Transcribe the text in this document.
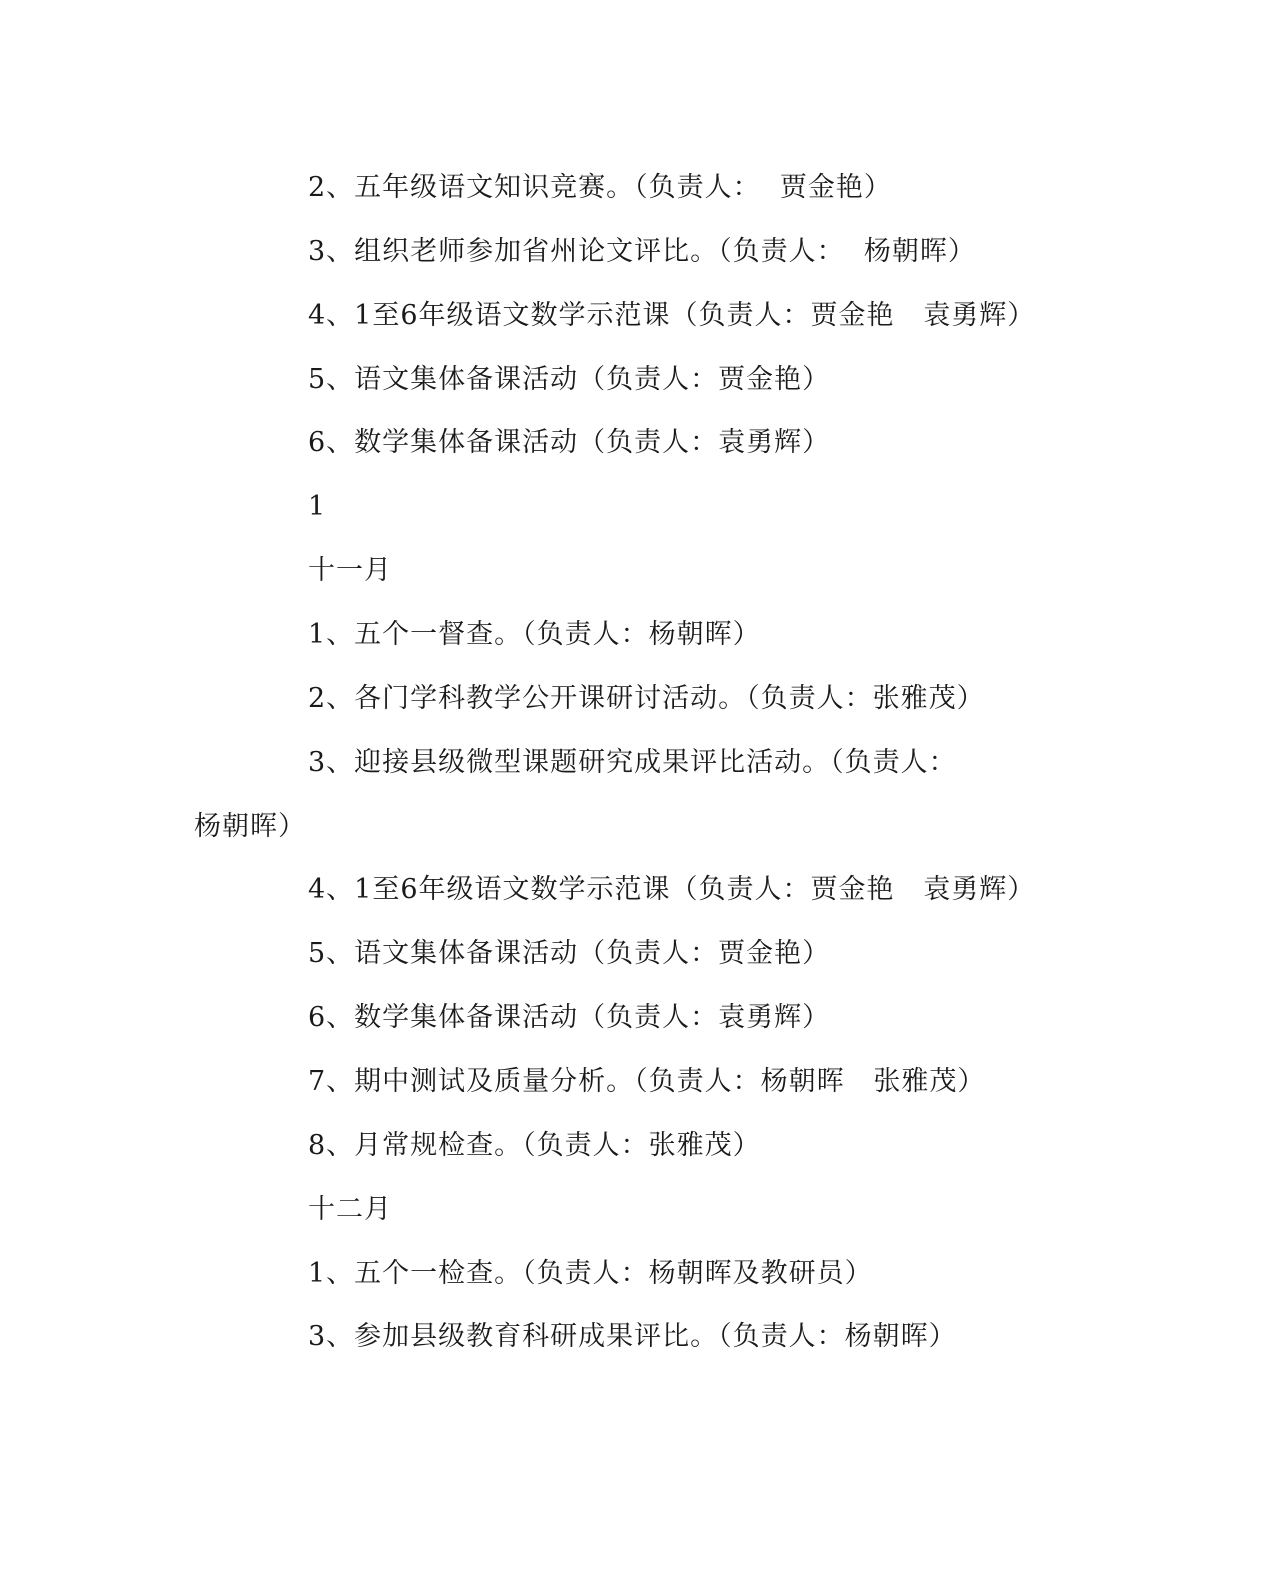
2、五年级语文知识竞赛。（负责人：  贾金艳）
3、组织老师参加省州论文评比。（负责人：  杨朝晖）
4、1至6年级语文数学示范课（负责人：贾金艳   袁勇辉）
5、语文集体备课活动（负责人：贾金艳）
6、数学集体备课活动（负责人：袁勇辉）
1
十一月
1、五个一督查。（负责人：杨朝晖）
2、各门学科教学公开课研讨活动。（负责人：张雅茂）
3、迎接县级微型课题研究成果评比活动。（负责人：
杨朝晖）
4、1至6年级语文数学示范课（负责人：贾金艳   袁勇辉）
5、语文集体备课活动（负责人：贾金艳）
6、数学集体备课活动（负责人：袁勇辉）
7、期中测试及质量分析。（负责人：杨朝晖   张雅茂）
8、月常规检查。（负责人：张雅茂）
十二月
1、五个一检查。（负责人：杨朝晖及教研员）
3、参加县级教育科研成果评比。（负责人：杨朝晖）
